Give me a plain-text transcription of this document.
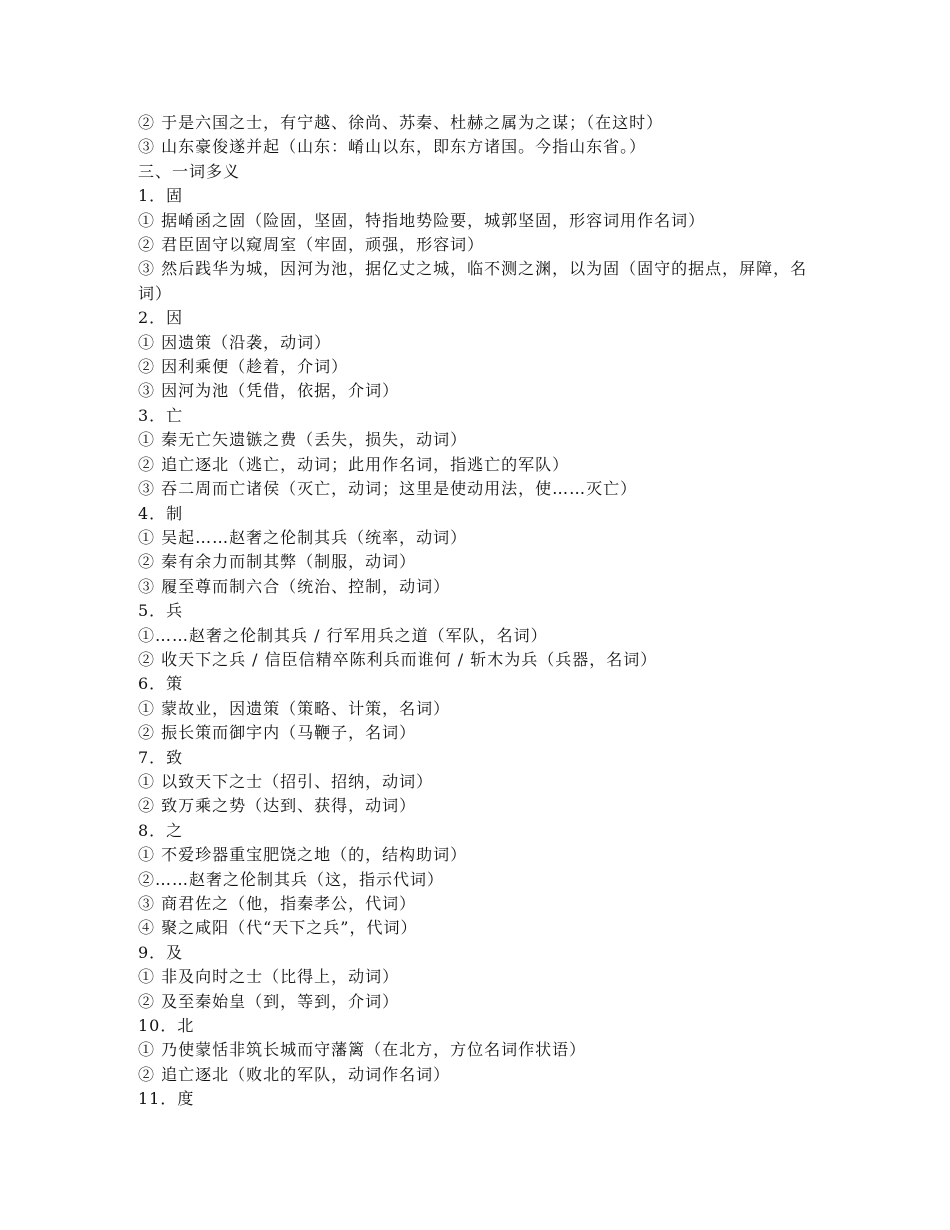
② 于是六国之士，有宁越、徐尚、苏秦、杜赫之属为之谋；（在这时）
③ 山东豪俊遂并起（山东：崤山以东，即东方诸国。今指山东省。）
三、一词多义
1．固
① 据崤函之固（险固，坚固，特指地势险要，城郭坚固，形容词用作名词）
② 君臣固守以窥周室（牢固，顽强，形容词）
③ 然后践华为城，因河为池，据亿丈之城，临不测之渊，以为固（固守的据点，屏障，名词）
2．因
① 因遗策（沿袭，动词）
② 因利乘便（趁着，介词）
③ 因河为池（凭借，依据，介词）
3．亡
① 秦无亡矢遗镞之费（丢失，损失，动词）
② 追亡逐北（逃亡，动词；此用作名词，指逃亡的军队）
③ 吞二周而亡诸侯（灭亡，动词；这里是使动用法，使……灭亡）
4．制
① 吴起……赵奢之伦制其兵（统率，动词）
② 秦有余力而制其弊（制服，动词）
③ 履至尊而制六合（统治、控制，动词）
5．兵
①……赵奢之伦制其兵 / 行军用兵之道（军队，名词）
② 收天下之兵 / 信臣信精卒陈利兵而谁何 / 斩木为兵（兵器，名词）
6．策
① 蒙故业，因遗策（策略、计策，名词）
② 振长策而御宇内（马鞭子，名词）
7．致
① 以致天下之士（招引、招纳，动词）
② 致万乘之势（达到、获得，动词）
8．之
① 不爱珍器重宝肥饶之地（的，结构助词）
②……赵奢之伦制其兵（这，指示代词）
③ 商君佐之（他，指秦孝公，代词）
④ 聚之咸阳（代“天下之兵”，代词）
9．及
① 非及向时之士（比得上，动词）
② 及至秦始皇（到，等到，介词）
10．北
① 乃使蒙恬非筑长城而守藩篱（在北方，方位名词作状语）
② 追亡逐北（败北的军队，动词作名词）
11．度
